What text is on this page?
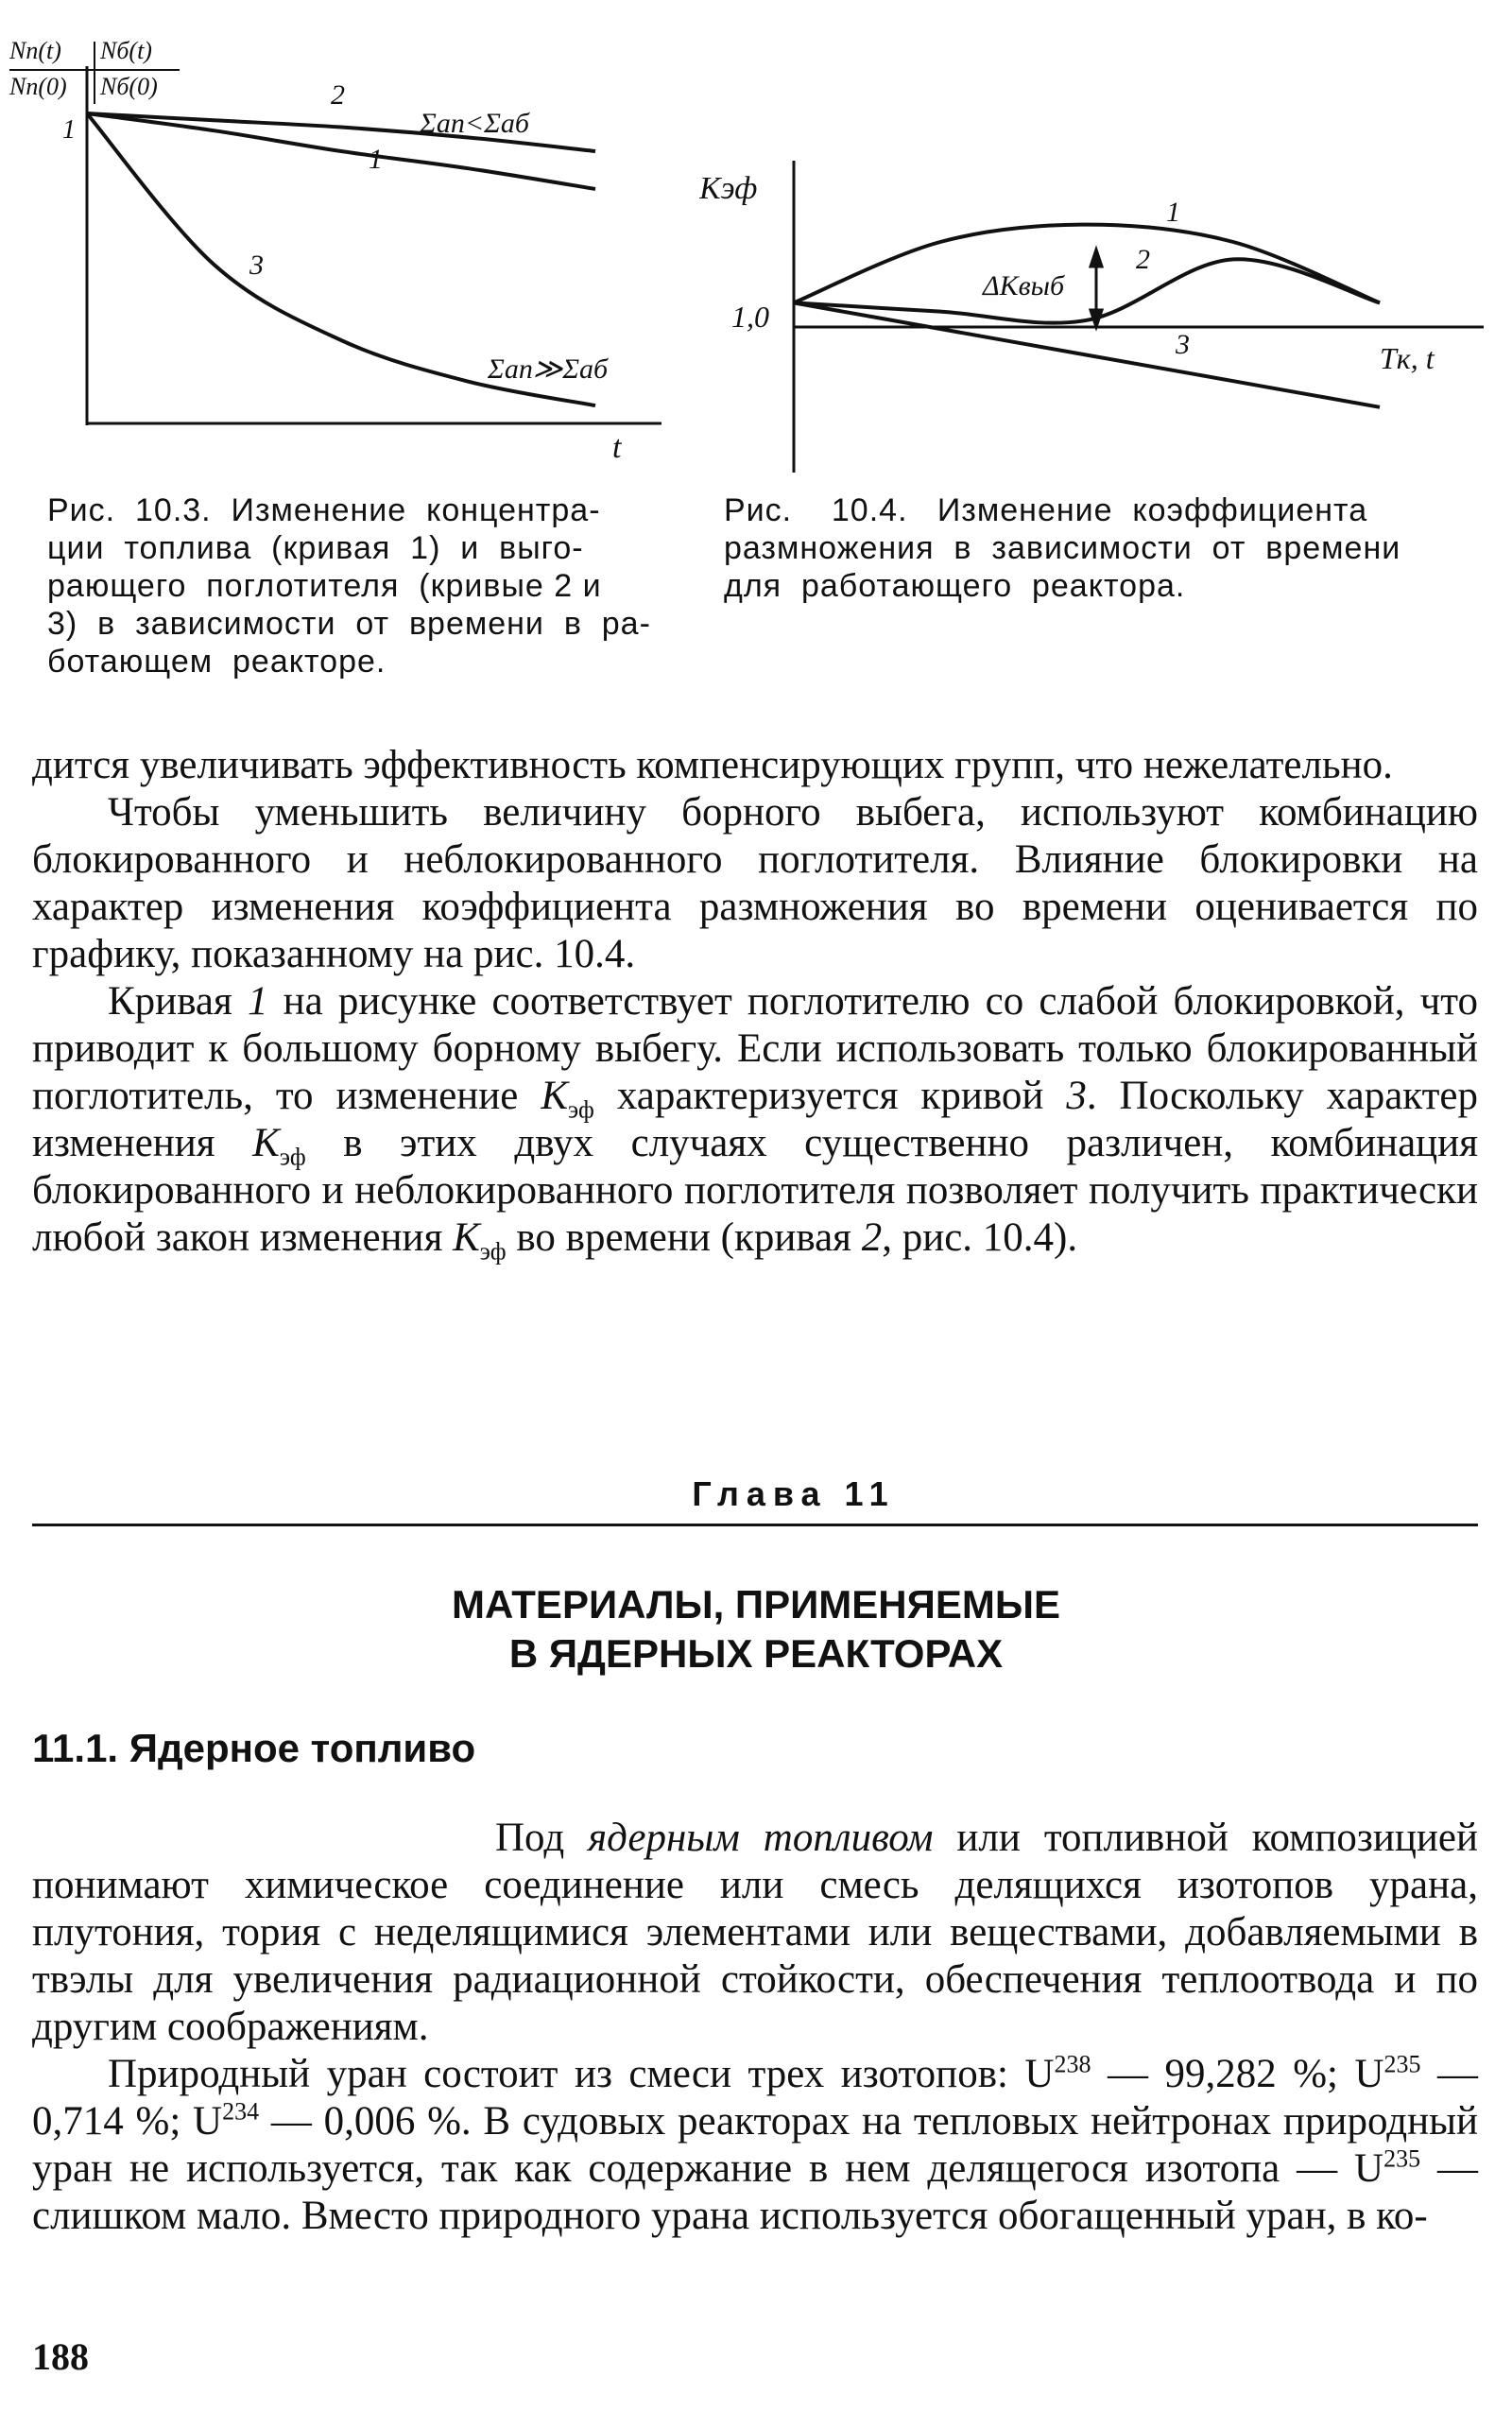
Nn(t)
Nn(0)
Nб(t)
Nб(0)
1
t
2
1
3
Σап<Σаб
Σап≫Σаб
Kэф
1,0
Tк, t
ΔKвыб
1
2
3
Рис.  10.3.  Изменение  концентра-
ции  топлива  (кривая  1)  и  выго-
рающего  поглотителя  (кривые 2 и
3)  в  зависимости  от  времени  в  ра-
ботающем  реакторе.
Рис.    10.4.   Изменение  коэффициента
размножения  в  зависимости  от  времени
для  работающего  реактора.

дится увеличивать эффективность компенсирующих групп, что нежелательно.

Чтобы уменьшить величину борного выбега, используют комбинацию блокированного и неблокированного поглотителя. Влияние блокировки на характер изменения коэффициента размножения во времени оценивается по графику, показанному на рис. 10.4.

Кривая 1 на рисунке соответствует поглотителю со слабой блокировкой, что приводит к большому борному выбегу. Если использовать только блокированный поглотитель, то изменение $K_{эф}$ характеризуется кривой 3. Поскольку характер изменения $K_{эф}$ в этих двух случаях существенно различен, комбинация блокированного и неблокированного поглотителя позволяет получить практически любой закон изменения $K_{эф}$ во времени (кривая 2, рис. 10.4).

Глава 11
МАТЕРИАЛЫ, ПРИМЕНЯЕМЫЕ
В ЯДЕРНЫХ РЕАКТОРАХ
11.1. Ядерное топливо

Под ядерным топливом или топливной композицией понимают химическое соединение или смесь делящихся изотопов урана, плутония, тория с неделящимися элементами или веществами, добавляемыми в твэлы для увеличения радиационной стойкости, обеспечения теплоотвода и по другим соображениям.

Природный уран состоит из смеси трех изотопов: $U^{238}$ — 99,282 %; $U^{235}$ — 0,714 %; $U^{234}$ — 0,006 %. В судовых реакторах на тепловых нейтронах природный уран не используется, так как содержание в нем делящегося изотопа — $U^{235}$ — слишком мало. Вместо природного урана используется обогащенный уран, в ко-

188
